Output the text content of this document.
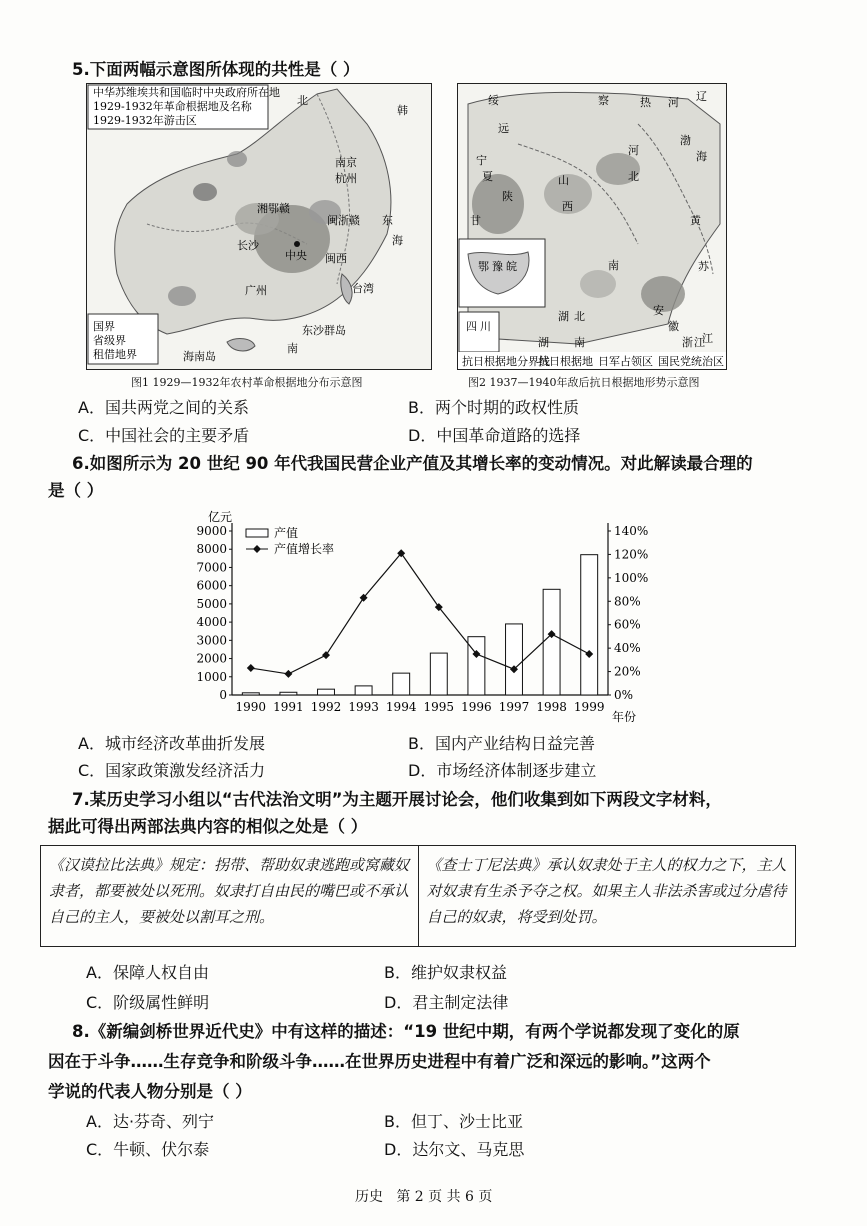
5.下面两幅示意图所体现的共性是（ ）
中华苏维埃共和国临时中央政府所在地
1929-1932年革命根据地及名称
1929-1932年游击区
国界
省级界
租借地界
南京
杭州
长沙
闽浙赣
湘鄂赣
中央 闽西
广州
东
海
南
台湾
海南岛
东沙群岛
北
韩
图1 1929—1932年农村革命根据地分布示意图
抗日根据地分界线
抗日根据地 日军占领区 国民党统治区
辽
河
热
察
绥
远
宁
夏
陕
甘
山
西
河
北
黄
渤
海
南
安
徽
湖 北
苏
江
浙 江
鄂 豫 皖
四 川
湖 南
图2 1937—1940年敌后抗日根据地形势示意图
A．国共两党之间的关系	B．两个时期的政权性质
C．中国社会的主要矛盾	D．中国革命道路的选择
6.如图所示为 20 世纪 90 年代我国民营企业产值及其增长率的变动情况。对此解读最合理的
是（ ）
0
1000
2000
3000
4000
5000
6000
7000
8000
9000
0%
20%
40%
60%
80%
100%
120%
140%
亿元
年份
1990 1991 1992 1993 1994 1995 1996 1997 1998 1999
产值
产值增长率
A．城市经济改革曲折发展	B．国内产业结构日益完善
C．国家政策激发经济活力	D．市场经济体制逐步建立
7.某历史学习小组以“古代法治文明”为主题开展讨论会，他们收集到如下两段文字材料，
据此可得出两部法典内容的相似之处是（ ）
《汉谟拉比法典》规定：拐带、帮助奴隶逃跑或窝藏奴隶者，都要被处以死刑。奴隶打自由民的嘴巴或不承认自己的主人，要被处以割耳之刑。	《查士丁尼法典》承认奴隶处于主人的权力之下，主人对奴隶有生杀予夺之权。如果主人非法杀害或过分虐待自己的奴隶，将受到处罚。
A．保障人权自由	B．维护奴隶权益
C．阶级属性鲜明	D．君主制定法律
8.《新编剑桥世界近代史》中有这样的描述：“19 世纪中期，有两个学说都发现了变化的原
因在于斗争……生存竞争和阶级斗争……在世界历史进程中有着广泛和深远的影响。”这两个
学说的代表人物分别是（ ）
A．达·芬奇、列宁	B．但丁、沙士比亚
C．牛顿、伏尔泰	D．达尔文、马克思
历史   第 2 页 共 6 页
